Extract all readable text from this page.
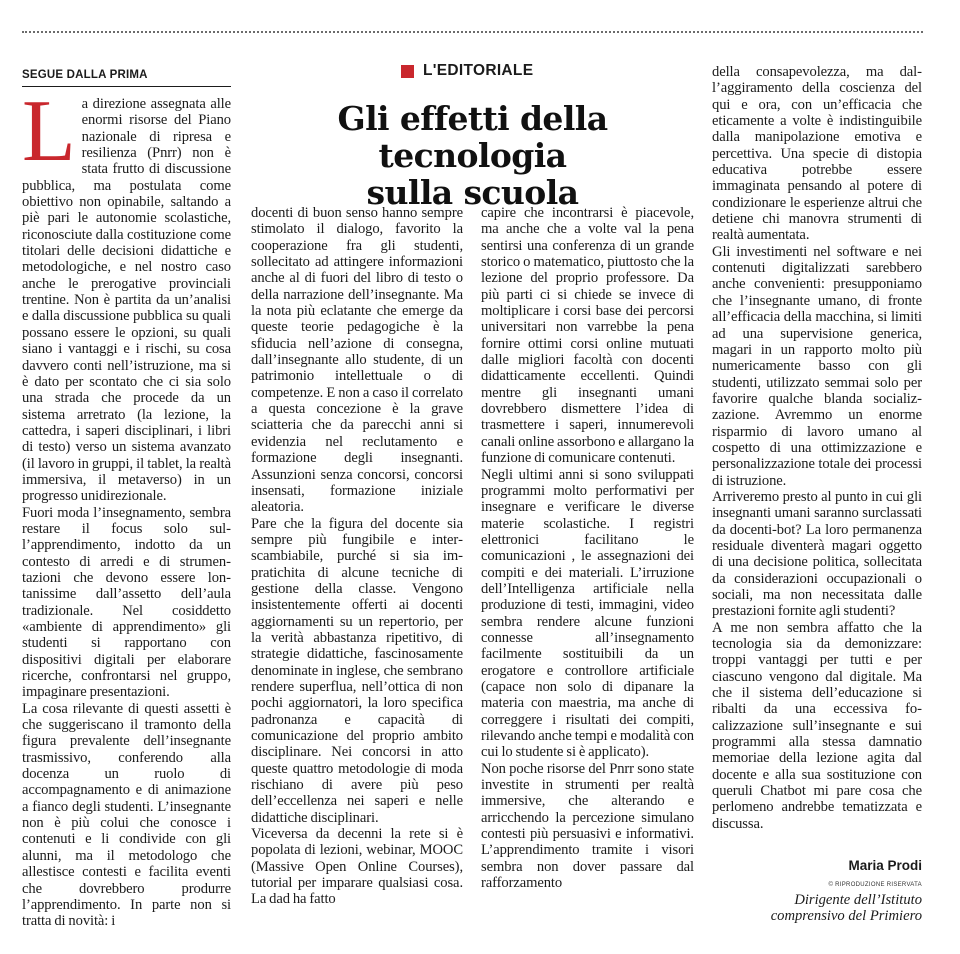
SEGUE DALLA PRIMA	L'EDITORIALE
Gli effetti della tecnologia
sulla scuola
L a direzione assegnata alle enormi risorse del Piano nazionale di ripresa e resilienza (Pnrr) non è stata frutto di discussione pubblica, ma postulata come obiettivo non opinabile, saltando a piè pari le autonomie scolastiche, riconosciute dalla costituzione come titolari delle decisioni didattiche e metodologiche, e nel nostro caso anche le prerogative provinciali trentine. Non è partita da un’analisi e dalla discussione pubblica su quali possano essere le opzioni, su quali siano i vantaggi e i rischi, su cosa davvero conti nell’istruzione, ma si è dato per scontato che ci sia solo una strada che procede da un sistema arretrato (la lezione, la cattedra, i saperi disciplinari, i libri di testo) verso un sistema avanzato (il lavoro in gruppi, il tablet, la realtà immersiva, il metaverso) in un progresso unidirezionale.

Fuori moda l’insegnamento, sembra restare il focus solo sull’apprendimento, indotto da un contesto di arredi e di strumentazioni che devono essere lontanissime dall’assetto dell’aula tradizionale. Nel cosiddetto «ambiente di apprendimento» gli studenti si rapportano con dispositivi digitali per elaborare ricerche, confrontarsi nel gruppo, impaginare presentazioni.

La cosa rilevante di questi assetti è che suggeriscano il tramonto della figura prevalente dell’insegnante trasmissivo, conferendo alla docenza un ruolo di accompagnamento e di animazione a fianco degli studenti. L’insegnante non è più colui che conosce i contenuti e li condivide con gli alunni, ma il metodologo che allestisce contesti e facilita eventi che dovrebbero produrre l’apprendimento. In parte non si tratta di novità: i

docenti di buon senso hanno sempre stimolato il dialogo, favorito la cooperazione fra gli studenti, sollecitato ad attingere informazioni anche al di fuori del libro di testo o della narrazione dell’insegnante. Ma la nota più eclatante che emerge da queste teorie pedagogiche è la sfiducia nell’azione di consegna, dall’insegnante allo studente, di un patrimonio intellettuale o di competenze. E non a caso il correlato a questa concezione è la grave sciatteria che da parecchi anni si evidenzia nel reclutamento e formazione degli insegnanti. Assunzioni senza concorsi, concorsi insensati, formazione iniziale aleatoria.

Pare che la figura del docente sia sempre più fungibile e interscambiabile, purché si sia impratichita di alcune tecniche di gestione della classe. Vengono insistentemente offerti ai docenti aggiornamenti su un repertorio, per la verità abbastanza ripetitivo, di strategie didattiche, fascinosamente denominate in inglese, che sembrano rendere superflua, nell’ottica di non pochi aggiornatori, la loro specifica padronanza e capacità di comunicazione del proprio ambito disciplinare. Nei concorsi in atto queste quattro metodologie di moda rischiano di avere più peso dell’eccellenza nei saperi e nelle didattiche disciplinari.

Viceversa da decenni la rete si è popolata di lezioni, webinar, MOOC (Massive Open Online Courses), tutorial per imparare qualsiasi cosa. La dad ha fatto

capire che incontrarsi è piacevole, ma anche che a volte val la pena sentirsi una conferenza di un grande storico o matematico, piuttosto che la lezione del proprio professore. Da più parti ci si chiede se invece di moltiplicare i corsi base dei percorsi universitari non varrebbe la pena fornire ottimi corsi online mutuati dalle migliori facoltà con docenti didatticamente eccellenti. Quindi mentre gli insegnanti umani dovrebbero dismettere l’idea di trasmettere i saperi, innumerevoli canali online assorbono e allargano la funzione di comunicare contenuti.

Negli ultimi anni si sono sviluppati programmi molto performativi per insegnare e verificare le diverse materie scolastiche. I registri elettronici facilitano le comunicazioni , le assegnazioni dei compiti e dei materiali. L’irruzione dell’Intelligenza artificiale nella produzione di testi, immagini, video sembra rendere alcune funzioni connesse all’insegnamento facilmente sostituibili da un erogatore e controllore artificiale (capace non solo di dipanare la materia con maestria, ma anche di correggere i risultati dei compiti, rilevando anche tempi e modalità con cui lo studente si è applicato).

Non poche risorse del Pnrr sono state investite in strumenti per realtà immersive, che alterando e arricchendo la percezione simulano contesti più persuasivi e informativi. L’apprendimento tramite i visori sembra non dover passare dal rafforzamento

della consapevolezza, ma dall’aggiramento della coscienza del qui e ora, con un’efficacia che eticamente a volte è indistinguibile dalla manipolazione emotiva e percettiva. Una specie di distopia educativa potrebbe essere immaginata pensando al potere di condizionare le esperienze altrui che detiene chi manovra strumenti di realtà aumentata.

Gli investimenti nel software e nei contenuti digitalizzati sarebbero anche convenienti: presupponiamo che l’insegnante umano, di fronte all’efficacia della macchina, si limiti ad una supervisione generica, magari in un rapporto molto più numericamente basso con gli studenti, utilizzato semmai solo per favorire qualche blanda socializzazione. Avremmo un enorme risparmio di lavoro umano al cospetto di una ottimizzazione e personalizzazione totale dei processi di istruzione.

Arriveremo presto al punto in cui gli insegnanti umani saranno surclassati da docenti-bot? La loro permanenza residuale diventerà magari oggetto di una decisione politica, sollecitata da considerazioni occupazionali o sociali, ma non necessitata dalle prestazioni fornite agli studenti?

A me non sembra affatto che la tecnologia sia da demonizzare: troppi vantaggi per tutti e per ciascuno vengono dal digitale. Ma che il sistema dell’educazione si ribalti da una eccessiva focalizzazione sull’insegnante e sui programmi alla stessa damnatio memoriae della lezione agita dal docente e alla sua sostituzione con queruli Chatbot mi pare cosa che perlomeno andrebbe tematizzata e discussa.

Maria Prodi
© RIPRODUZIONE RISERVATA
Dirigente dell’Istituto
comprensivo del Primiero
